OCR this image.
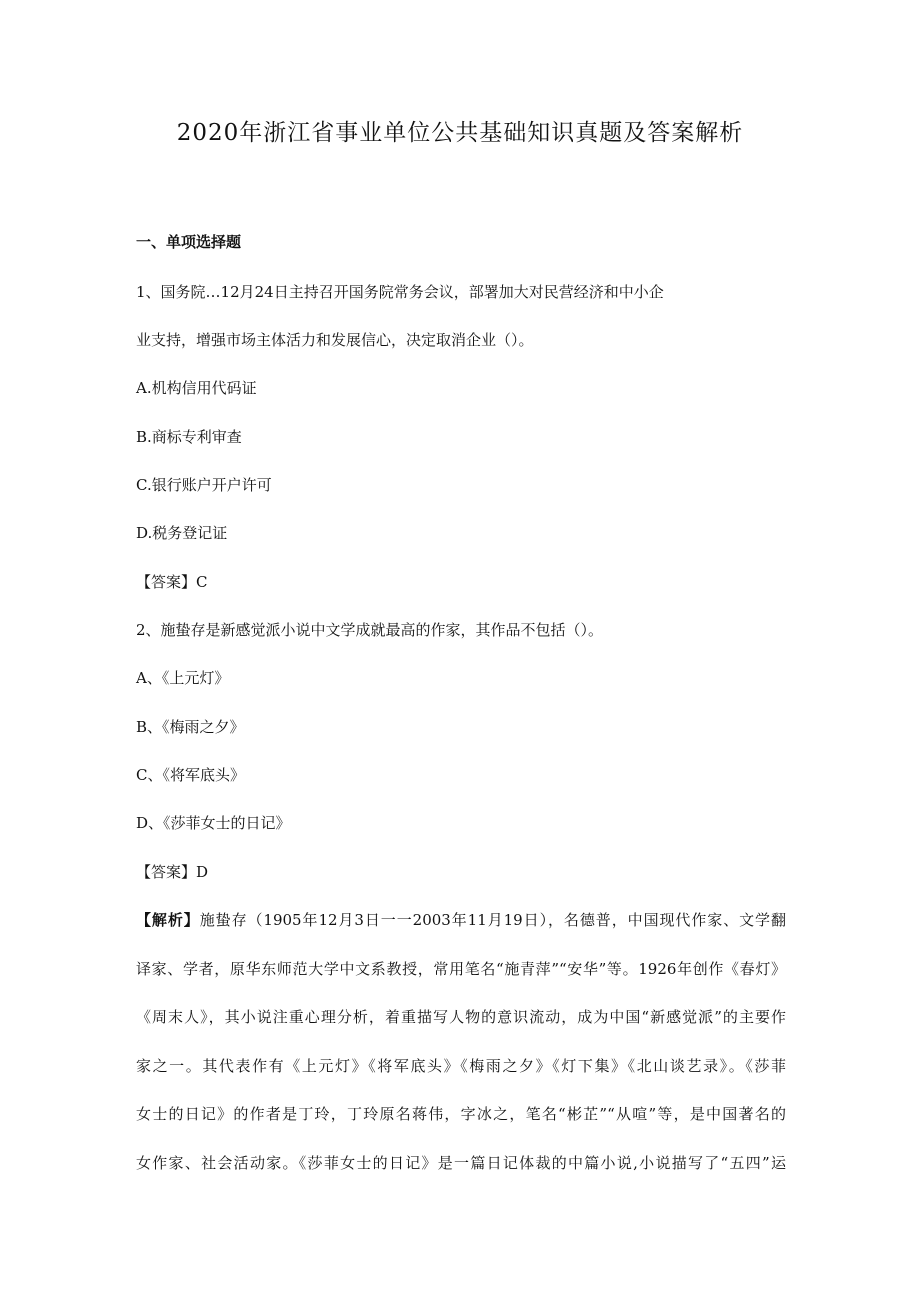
2020年浙江省事业单位公共基础知识真题及答案解析
一、单项选择题
1、国务院…12月24日主持召开国务院常务会议，部署加大对民营经济和中小企
业支持，增强市场主体活力和发展信心，决定取消企业（）。
A.机构信用代码证
B.商标专利审查
C.银行账户开户许可
D.税务登记证
【答案】C
2、施蛰存是新感觉派小说中文学成就最高的作家，其作品不包括（）。
A、《上元灯》
B、《梅雨之夕》
C、《将军底头》
D、《莎菲女士的日记》
【答案】D
【解析】施蛰存（1905年12月3日一一2003年11月19日），名德普，中国现代作家、文学翻
译家、学者，原华东师范大学中文系教授，常用笔名“施青萍”“安华”等。1926年创作《春灯》
《周末人》，其小说注重心理分析，着重描写人物的意识流动，成为中国“新感觉派”的主要作
家之一。其代表作有《上元灯》《将军底头》《梅雨之夕》《灯下集》《北山谈艺录》。《莎菲
女士的日记》的作者是丁玲，丁玲原名蒋伟，字冰之，笔名“彬芷”“从喧”等，是中国著名的
女作家、社会活动家。《莎菲女士的日记》是一篇日记体裁的中篇小说,小说描写了“五四”运
